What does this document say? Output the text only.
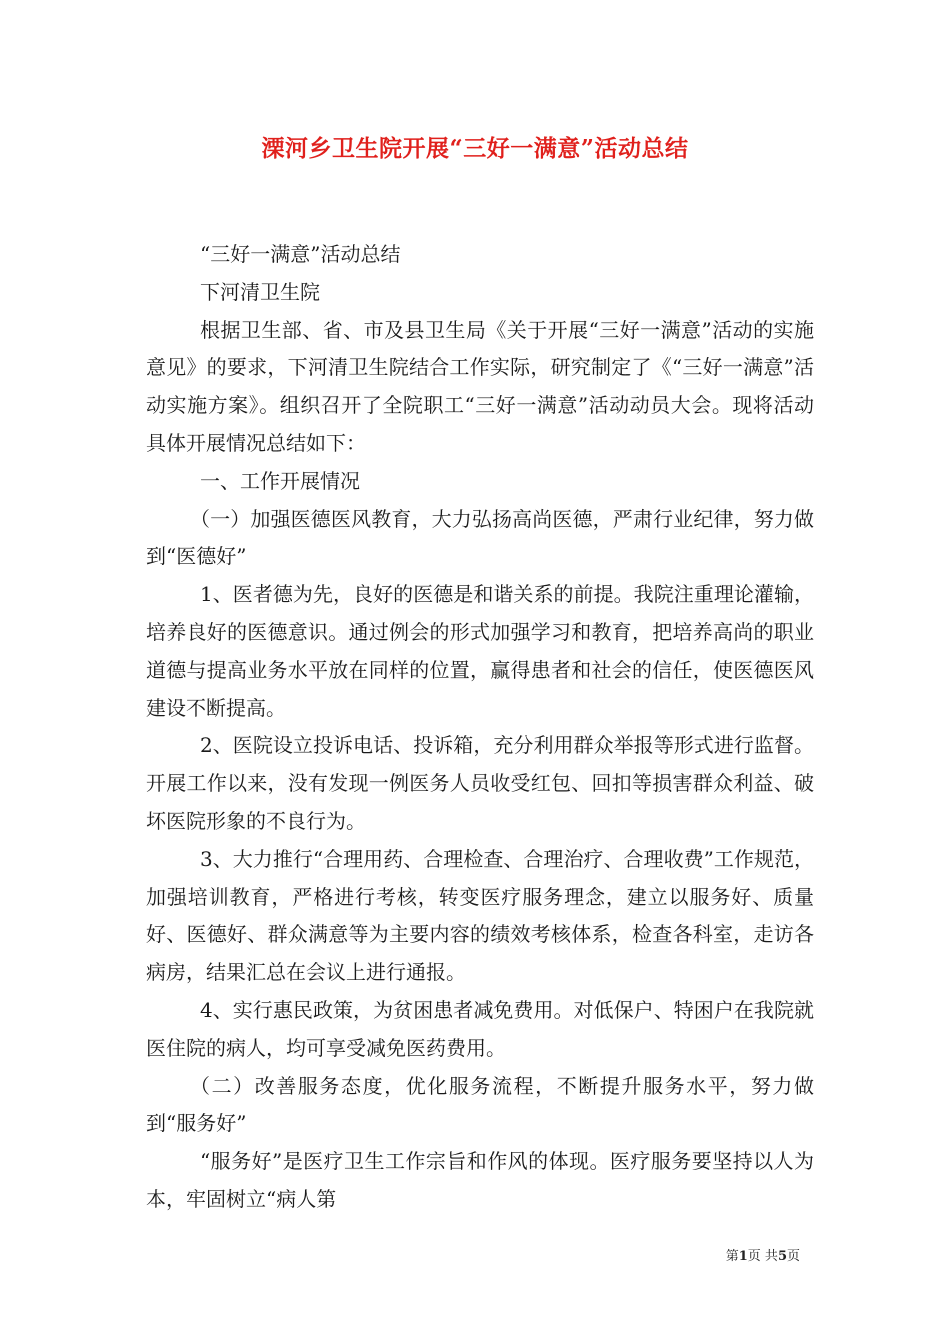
溧河乡卫生院开展“三好一满意”活动总结

“三好一满意”活动总结

下河清卫生院

根据卫生部、省、市及县卫生局《关于开展“三好一满意”活动的实施意见》的要求，下河清卫生院结合工作实际，研究制定了《“三好一满意”活动实施方案》。组织召开了全院职工“三好一满意”活动动员大会。现将活动具体开展情况总结如下：

一、工作开展情况

（一）加强医德医风教育，大力弘扬高尚医德，严肃行业纪律，努力做到“医德好”

1、医者德为先，良好的医德是和谐关系的前提。我院注重理论灌输，培养良好的医德意识。通过例会的形式加强学习和教育，把培养高尚的职业道德与提高业务水平放在同样的位置，赢得患者和社会的信任，使医德医风建设不断提高。

2、医院设立投诉电话、投诉箱，充分利用群众举报等形式进行监督。开展工作以来，没有发现一例医务人员收受红包、回扣等损害群众利益、破坏医院形象的不良行为。

3、大力推行“合理用药、合理检查、合理治疗、合理收费”工作规范，加强培训教育，严格进行考核，转变医疗服务理念，建立以服务好、质量好、医德好、群众满意等为主要内容的绩效考核体系，检查各科室，走访各病房，结果汇总在会议上进行通报。

4、实行惠民政策，为贫困患者减免费用。对低保户、特困户在我院就医住院的病人，均可享受减免医药费用。

（二）改善服务态度，优化服务流程，不断提升服务水平，努力做到“服务好”

“服务好”是医疗卫生工作宗旨和作风的体现。医疗服务要坚持以人为本，牢固树立“病人第

第1页 共5页
